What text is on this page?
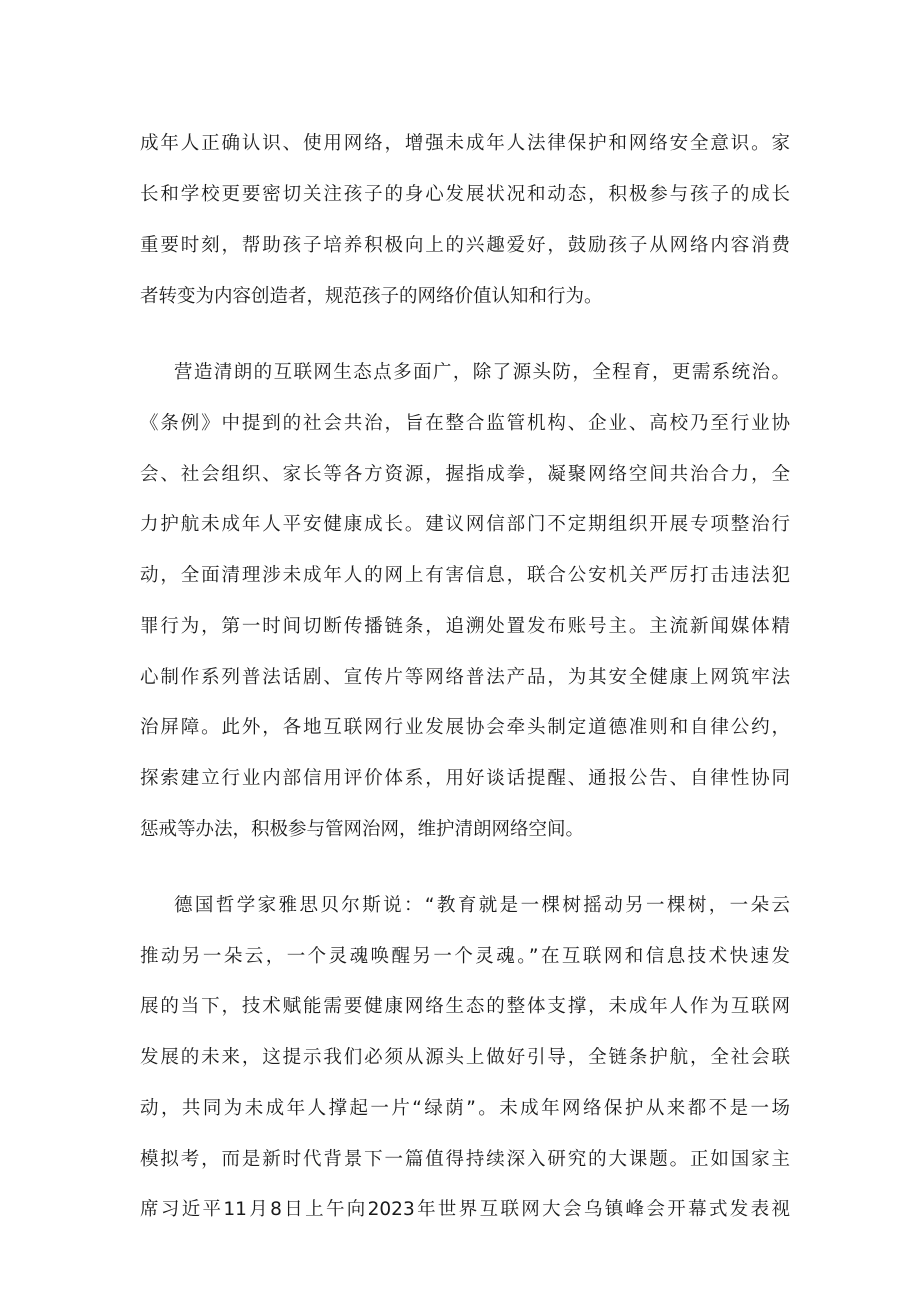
成年人正确认识、使用网络，增强未成年人法律保护和网络安全意识。家

长和学校更要密切关注孩子的身心发展状况和动态，积极参与孩子的成长

重要时刻，帮助孩子培养积极向上的兴趣爱好，鼓励孩子从网络内容消费

者转变为内容创造者，规范孩子的网络价值认知和行为。

营造清朗的互联网生态点多面广，除了源头防，全程育，更需系统治。

《条例》中提到的社会共治，旨在整合监管机构、企业、高校乃至行业协

会、社会组织、家长等各方资源，握指成拳，凝聚网络空间共治合力，全

力护航未成年人平安健康成长。建议网信部门不定期组织开展专项整治行

动，全面清理涉未成年人的网上有害信息，联合公安机关严厉打击违法犯

罪行为，第一时间切断传播链条，追溯处置发布账号主。主流新闻媒体精

心制作系列普法话剧、宣传片等网络普法产品，为其安全健康上网筑牢法

治屏障。此外，各地互联网行业发展协会牵头制定道德准则和自律公约，

探索建立行业内部信用评价体系，用好谈话提醒、通报公告、自律性协同

惩戒等办法，积极参与管网治网，维护清朗网络空间。

德国哲学家雅思贝尔斯说：“教育就是一棵树摇动另一棵树，一朵云

推动另一朵云，一个灵魂唤醒另一个灵魂。”在互联网和信息技术快速发

展的当下，技术赋能需要健康网络生态的整体支撑，未成年人作为互联网

发展的未来，这提示我们必须从源头上做好引导，全链条护航，全社会联

动，共同为未成年人撑起一片“绿荫”。未成年网络保护从来都不是一场

模拟考，而是新时代背景下一篇值得持续深入研究的大课题。正如国家主

席习近平11月8日上午向2023年世界互联网大会乌镇峰会开幕式发表视
